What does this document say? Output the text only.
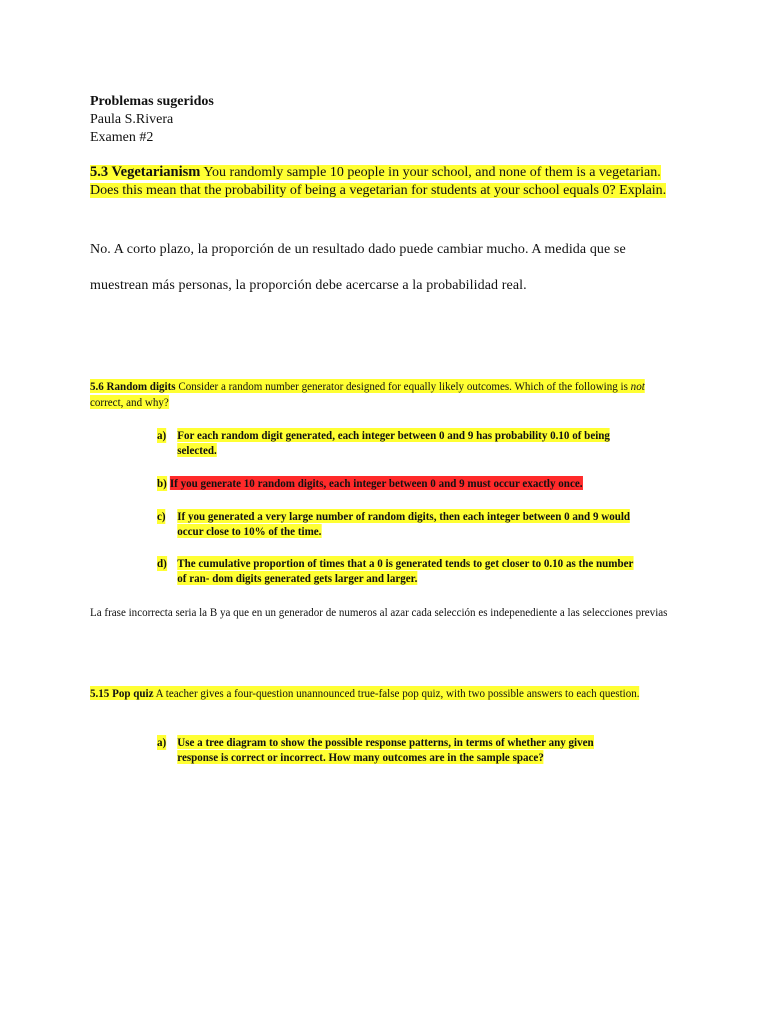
Problemas sugeridos
Paula S.Rivera
Examen #2
5.3 Vegetarianism You randomly sample 10 people in your school, and none of them is a vegetarian. Does this mean that the probability of being a vegetarian for students at your school equals 0? Explain.
No. A corto plazo, la proporción de un resultado dado puede cambiar mucho. A medida que se
muestrean más personas, la proporción debe acercarse a la probabilidad real.
5.6 Random digits Consider a random number generator designed for equally likely outcomes. Which of the following is not correct, and why?
a) For each random digit generated, each integer between 0 and 9 has probability 0.10 of being selected.
b) If you generate 10 random digits, each integer between 0 and 9 must occur exactly once.
c) If you generated a very large number of random digits, then each integer between 0 and 9 would occur close to 10% of the time.
d) The cumulative proportion of times that a 0 is generated tends to get closer to 0.10 as the number of ran- dom digits generated gets larger and larger.
La frase incorrecta seria la B ya que en un generador de numeros al azar cada selección es indepenediente a las selecciones previas
5.15 Pop quiz A teacher gives a four-question unannounced true-false pop quiz, with two possible answers to each question.
a) Use a tree diagram to show the possible response patterns, in terms of whether any given response is correct or incorrect. How many outcomes are in the sample space?
